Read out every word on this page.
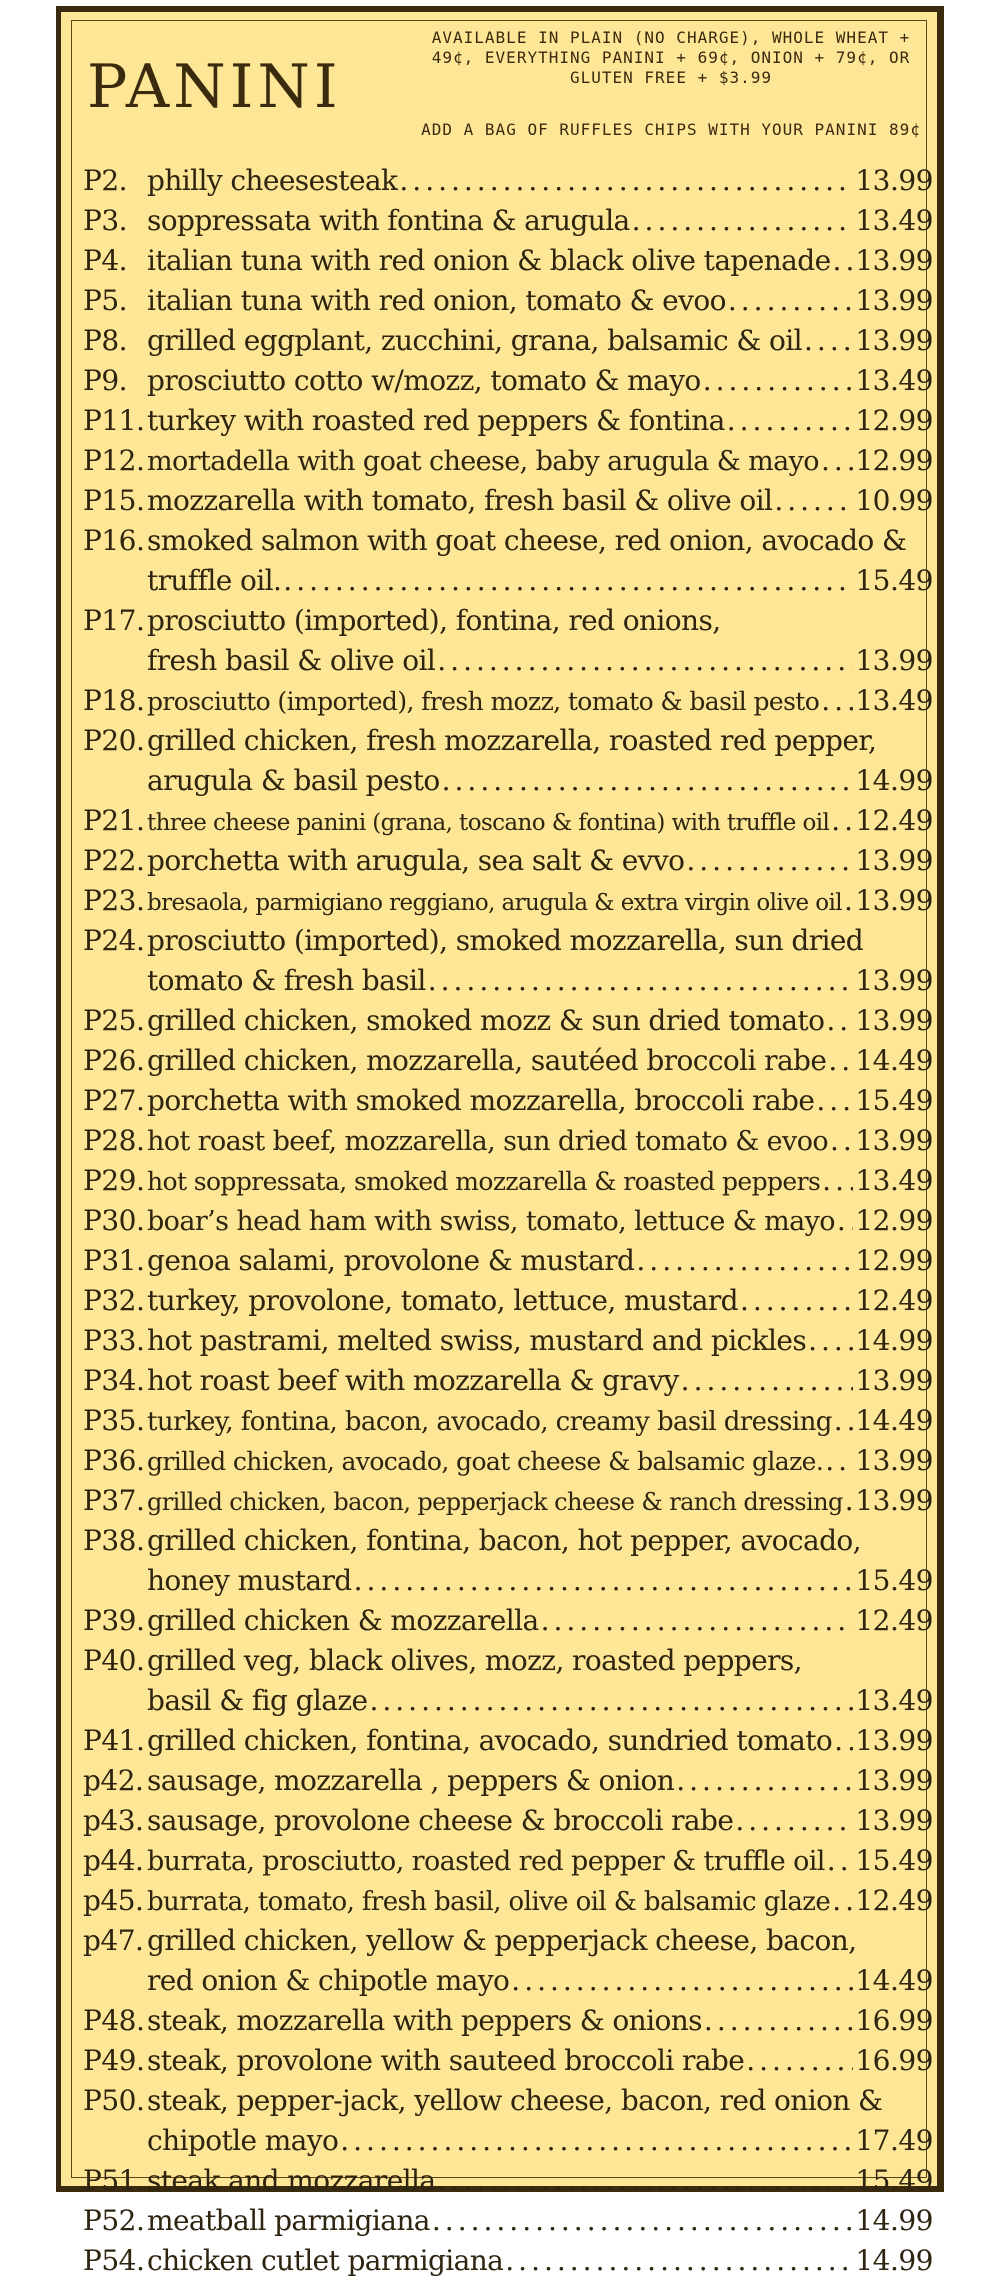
PANINI
AVAILABLE IN PLAIN (NO CHARGE), WHOLE WHEAT + 49¢, EVERYTHING PANINI + 69¢, ONION + 79¢, OR GLUTEN FREE + $3.99
ADD A BAG OF RUFFLES CHIPS WITH YOUR PANINI 89¢
P2. philly cheesesteak .....	13.99
P3. soppressata with fontina & arugula .....	13.49
P4. italian tuna with red onion & black olive tapenade ..... 13.99
P5. italian tuna with red onion, tomato & evoo .....	13.99
P8. grilled eggplant, zucchini, grana, balsamic & oil ..... 13.99
P9. prosciutto cotto w/mozz, tomato & mayo .....	13.49
P11. turkey with roasted red peppers & fontina .....	12.99
P12. mortadella with goat cheese, baby arugula & mayo ..... 12.99
P15. mozzarella with tomato, fresh basil & olive oil .....	10.99
P16.smoked salmon with goat cheese, red onion, avocado &
truffle oil. .....	15.49
P17.prosciutto (imported), fontina, red onions,
fresh basil & olive oil .....	13.99
P18. prosciutto (imported), fresh mozz, tomato & basil pesto ..... 13.49
P20.grilled chicken, fresh mozzarella, roasted red pepper,
arugula & basil pesto .....	14.99
P21. three cheese panini (grana, toscano & fontina) with truffle oil ..... 12.49
P22. porchetta with arugula, sea salt & evvo .....	13.99
P23. bresaola, parmigiano reggiano, arugula & extra virgin olive oil ..... 13.99
P24.prosciutto (imported), smoked mozzarella, sun dried
tomato & fresh basil .....	13.99
P25. grilled chicken, smoked mozz & sun dried tomato ..... 13.99
P26. grilled chicken, mozzarella, sautéed broccoli rabe ..... 14.49
P27. porchetta with smoked mozzarella, broccoli rabe ..... 15.49
P28. hot roast beef, mozzarella, sun dried tomato & evoo ..... 13.99
P29. hot soppressata, smoked mozzarella & roasted peppers ..... 13.49
P30. boar’s head ham with swiss, tomato, lettuce & mayo ..... 12.99
P31. genoa salami, provolone & mustard .....	12.99
P32. turkey, provolone, tomato, lettuce, mustard .....	12.49
P33. hot pastrami, melted swiss, mustard and pickles ..... 14.99
P34. hot roast beef with mozzarella & gravy .....	13.99
P35. turkey, fontina, bacon, avocado, creamy basil dressing ..... 14.49
P36. grilled chicken, avocado, goat cheese & balsamic glaze. ..... 13.99
P37. grilled chicken, bacon, pepperjack cheese & ranch dressing ..... 13.99
P38.grilled chicken, fontina, bacon, hot pepper, avocado,
honey mustard .....	15.49
P39. grilled chicken & mozzarella .....	12.49
P40.grilled veg, black olives, mozz, roasted peppers,
basil & fig glaze .....	13.49
P41. grilled chicken, fontina, avocado, sundried tomato ..... 13.99
p42. sausage, mozzarella , peppers & onion .....	13.99
p43. sausage, provolone cheese & broccoli rabe .....	13.99
p44. burrata, prosciutto, roasted red pepper & truffle oil ..... 15.49
p45. burrata, tomato, fresh basil, olive oil & balsamic glaze ..... 12.49
p47. grilled chicken, yellow & pepperjack cheese, bacon,
red onion & chipotle mayo .....	14.49
P48. steak, mozzarella with peppers & onions .....	16.99
P49. steak, provolone with sauteed broccoli rabe .....	16.99
P50.steak, pepper-jack, yellow cheese, bacon, red onion &
chipotle mayo .....	17.49
P51. steak and mozzarella .....	15.49
P52. meatball parmigiana .....	14.99
P54. chicken cutlet parmigiana .....	14.99
